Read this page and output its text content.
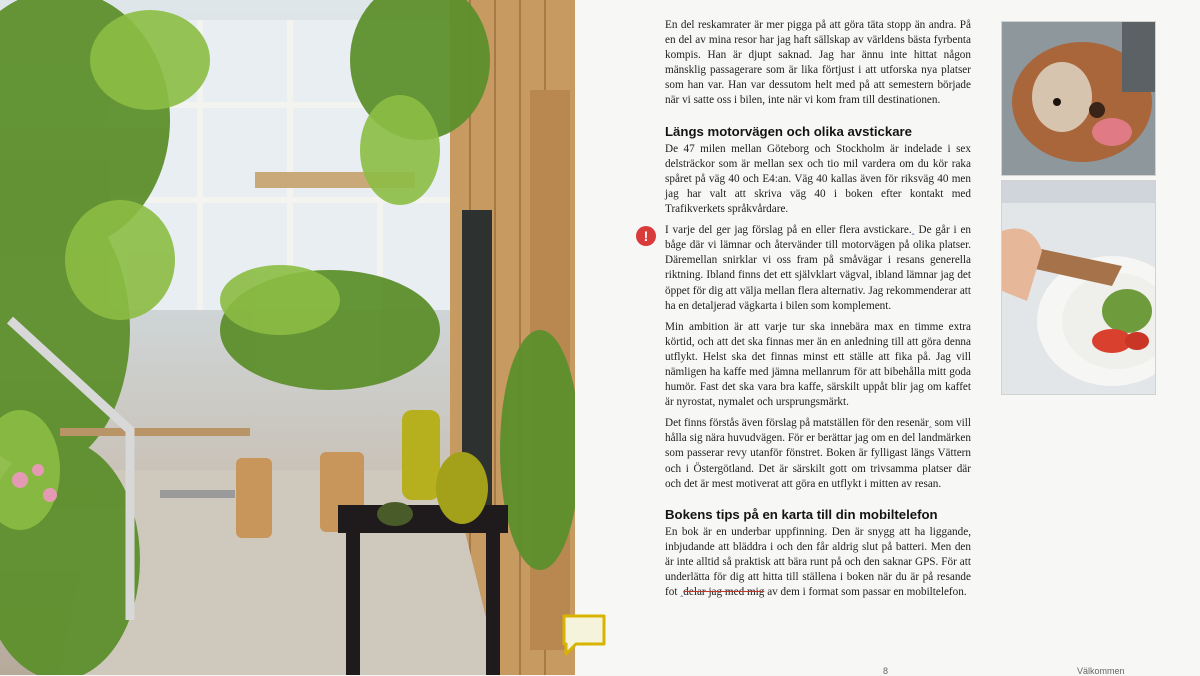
En del reskamrater är mer pigga på att göra täta stopp än andra. På en del av mina resor har jag haft sällskap av världens bästa fyrbenta kompis. Han är djupt saknad. Jag har ännu inte hittat någon mänsklig passagerare som är lika förtjust i att utforska nya platser som han var. Han var dessutom helt med på att semestern började när vi satte oss i bilen, inte när vi kom fram till destinationen.

Längs motorvägen och olika avstickare

De 47 milen mellan Göteborg och Stockholm är indelade i sex delsträckor som är mellan sex och tio mil vardera om du kör raka spåret på väg 40 och E4:an. Väg 40 kallas även för riksväg 40 men jag har valt att skriva väg 40 i boken efter kontakt med Trafikverkets språkvårdare.

I varje del ger jag förslag på en eller flera avstickare.‸ De går i en båge där vi lämnar och återvänder till motorvägen på olika platser. Däremellan snirklar vi oss fram på småvägar i resans generella riktning. Ibland finns det ett självklart vägval, ibland lämnar jag det öppet för dig att välja mellan flera alternativ. Jag rekommenderar att ha en detaljerad vägkarta i bilen som komplement.

Min ambition är att varje tur ska innebära max en timme extra körtid, och att det ska finnas mer än en anledning till att göra denna utflykt. Helst ska det finnas minst ett ställe att fika på. Jag vill nämligen ha kaffe med jämna mellanrum för att bibehålla mitt goda humör. Fast det ska vara bra kaffe, särskilt uppåt blir jag om kaffet är nyrostat, nymalet och ursprungsmärkt.

Det finns förstås även förslag på matställen för den resenär‸ som vill hålla sig nära huvudvägen. För er berättar jag om en del landmärken som passerar revy utanför fönstret. Boken är fylligast längs Vättern och i Östergötland. Det är särskilt gott om trivsamma platser där och det är mest motiverat att göra en utflykt i mitten av resan.

Bokens tips på en karta till din mobiltelefon

En bok är en underbar uppfinning. Den är snygg att ha liggande, inbjudande att bläddra i och den får aldrig slut på batteri. Men den är inte alltid så praktisk att bära runt på och den saknar GPS. För att underlätta för dig att hitta till ställena i boken när du är på resande fot ‸delar jag med mig av dem i format som passar en mobiltelefon.

!
8	Välkommen
